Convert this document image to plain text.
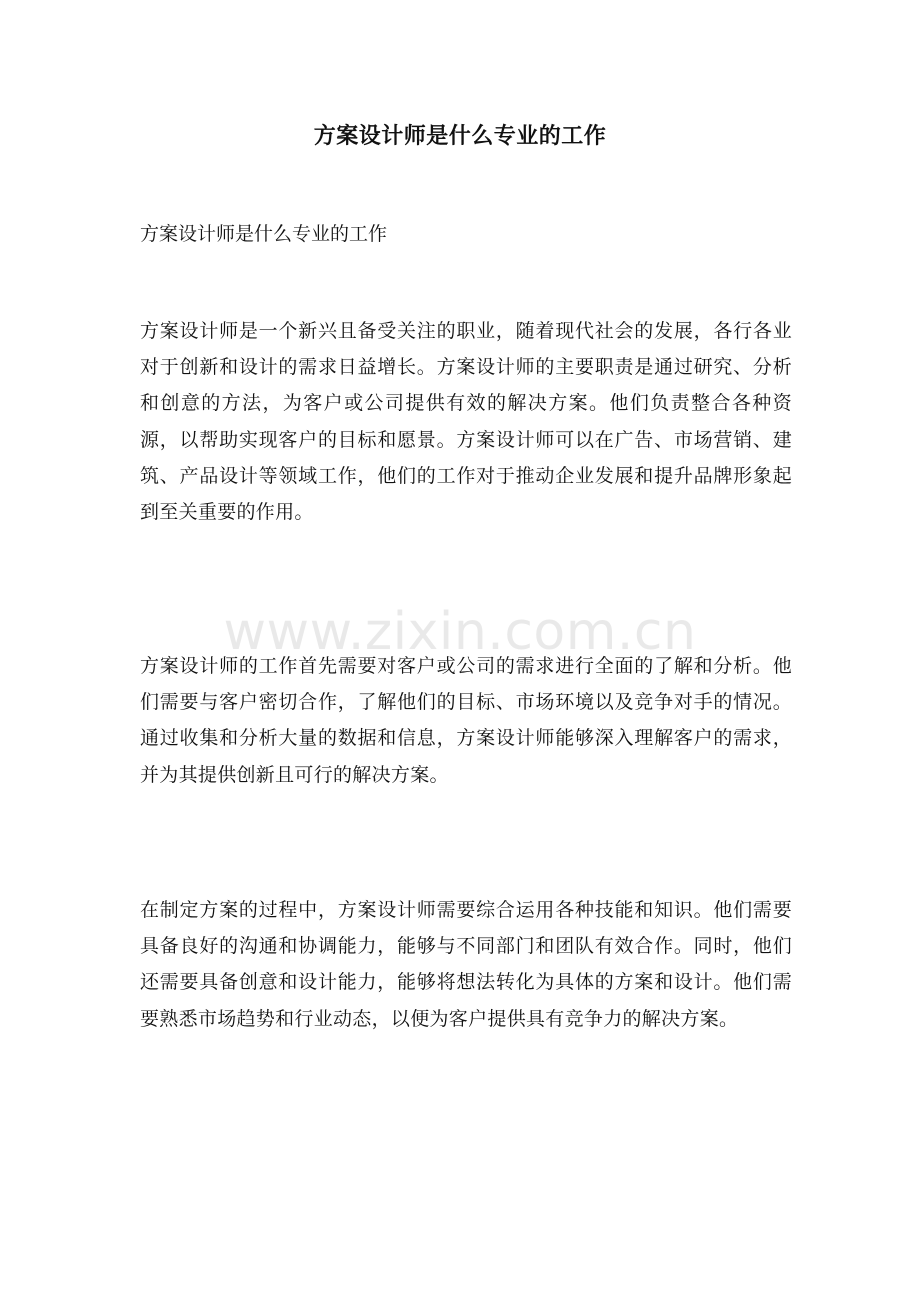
方案设计师是什么专业的工作

方案设计师是什么专业的工作

方案设计师是一个新兴且备受关注的职业，随着现代社会的发展，各行各业对于创新和设计的需求日益增长。方案设计师的主要职责是通过研究、分析和创意的方法，为客户或公司提供有效的解决方案。他们负责整合各种资源，以帮助实现客户的目标和愿景。方案设计师可以在广告、市场营销、建筑、产品设计等领域工作，他们的工作对于推动企业发展和提升品牌形象起到至关重要的作用。

方案设计师的工作首先需要对客户或公司的需求进行全面的了解和分析。他们需要与客户密切合作，了解他们的目标、市场环境以及竞争对手的情况。通过收集和分析大量的数据和信息，方案设计师能够深入理解客户的需求，并为其提供创新且可行的解决方案。

在制定方案的过程中，方案设计师需要综合运用各种技能和知识。他们需要具备良好的沟通和协调能力，能够与不同部门和团队有效合作。同时，他们还需要具备创意和设计能力，能够将想法转化为具体的方案和设计。他们需要熟悉市场趋势和行业动态，以便为客户提供具有竞争力的解决方案。

www.zixin.com.cn
